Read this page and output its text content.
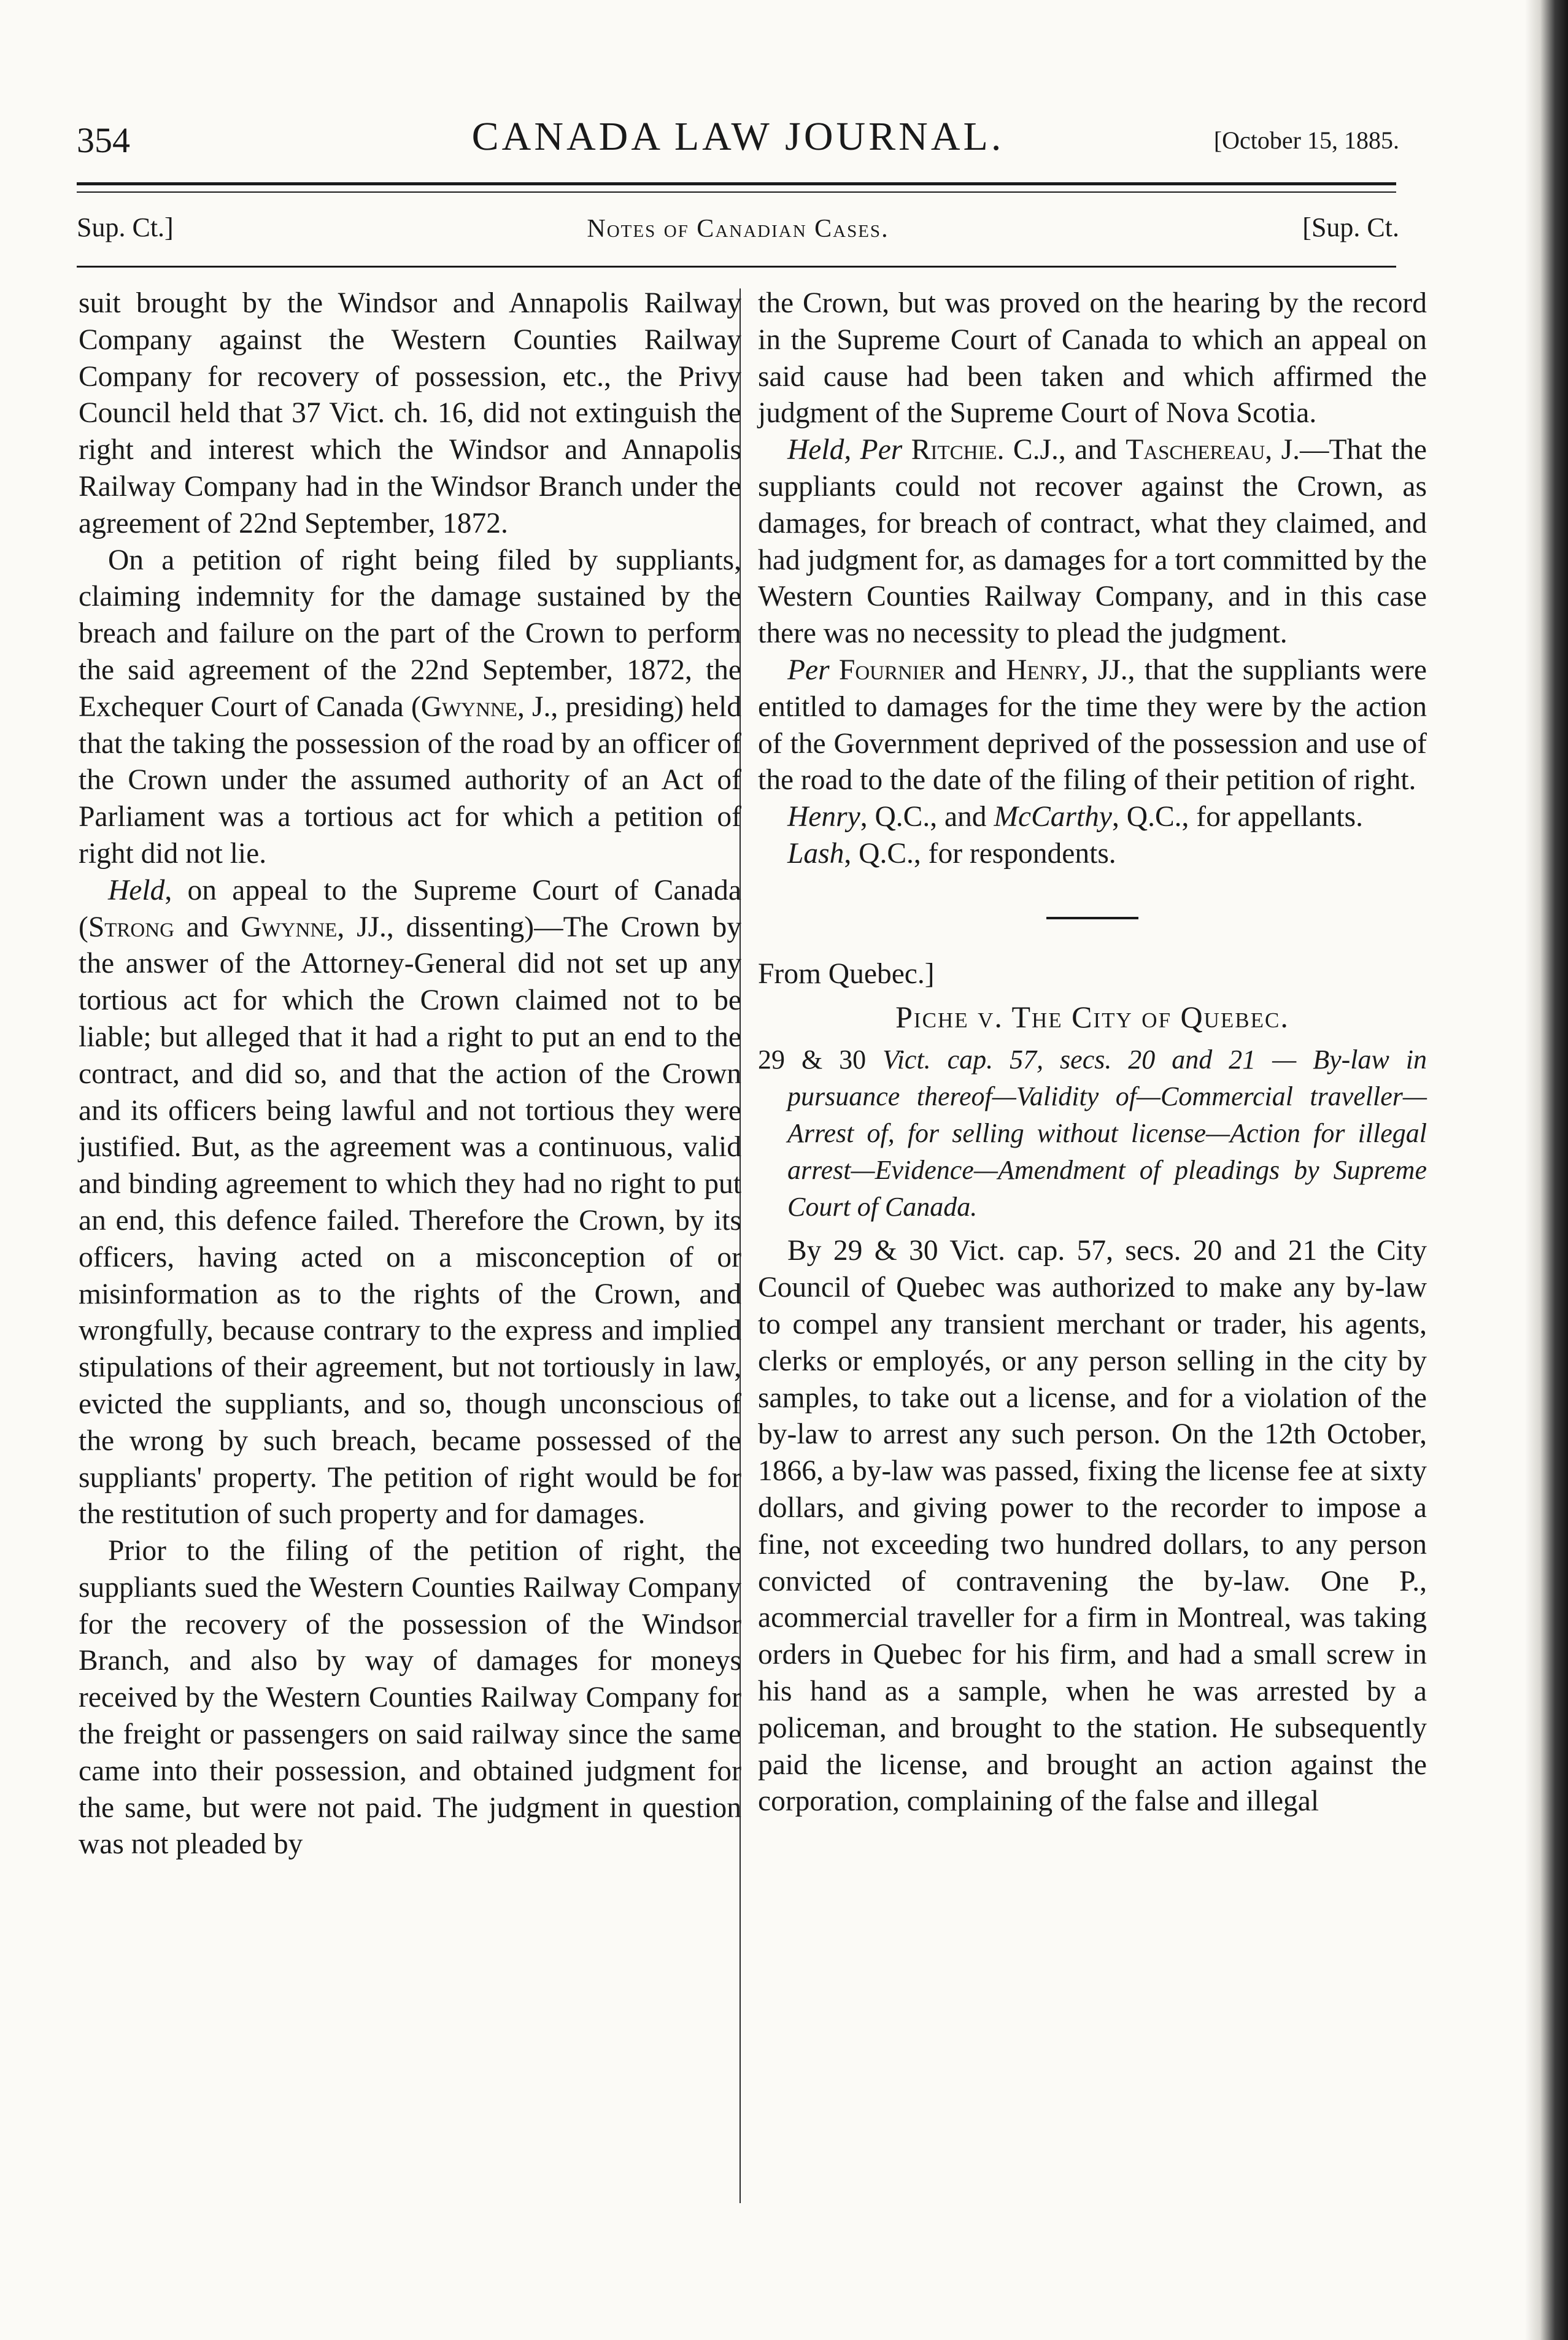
354	CANADA LAW JOURNAL.	[October 15, 1885.
Sup. Ct.]	Notes of Canadian Cases.	[Sup. Ct.

suit brought by the Windsor and Annapolis Railway Company against the Western Counties Railway Company for recovery of possession, etc., the Privy Council held that 37 Vict. ch. 16, did not extinguish the right and interest which the Windsor and Annapolis Railway Company had in the Windsor Branch under the agreement of 22nd September, 1872.

On a petition of right being filed by suppliants, claiming indemnity for the damage sustained by the breach and failure on the part of the Crown to perform the said agreement of the 22nd September, 1872, the Exchequer Court of Canada (Gwynne, J., presiding) held that the taking the possession of the road by an officer of the Crown under the assumed authority of an Act of Parliament was a tortious act for which a petition of right did not lie.

Held, on appeal to the Supreme Court of Canada (Strong and Gwynne, JJ., dissenting)—The Crown by the answer of the Attorney-General did not set up any tortious act for which the Crown claimed not to be liable; but alleged that it had a right to put an end to the contract, and did so, and that the action of the Crown and its officers being lawful and not tortious they were justified. But, as the agreement was a continuous, valid and binding agreement to which they had no right to put an end, this defence failed. Therefore the Crown, by its officers, having acted on a misconception of or misinformation as to the rights of the Crown, and wrongfully, because contrary to the express and implied stipulations of their agreement, but not tortiously in law, evicted the suppliants, and so, though unconscious of the wrong by such breach, became possessed of the suppliants' property. The petition of right would be for the restitution of such property and for damages.

Prior to the filing of the petition of right, the suppliants sued the Western Counties Railway Company for the recovery of the possession of the Windsor Branch, and also by way of damages for moneys received by the Western Counties Railway Company for the freight or passengers on said railway since the same came into their possession, and obtained judgment for the same, but were not paid. The judgment in question was not pleaded by

the Crown, but was proved on the hearing by the record in the Supreme Court of Canada to which an appeal on said cause had been taken and which affirmed the judgment of the Supreme Court of Nova Scotia.

Held, Per Ritchie. C.J., and Taschereau, J.—That the suppliants could not recover against the Crown, as damages, for breach of contract, what they claimed, and had judgment for, as damages for a tort committed by the Western Counties Railway Company, and in this case there was no necessity to plead the judgment.

Per Fournier and Henry, JJ., that the suppliants were entitled to damages for the time they were by the action of the Government deprived of the possession and use of the road to the date of the filing of their petition of right.

Henry, Q.C., and McCarthy, Q.C., for appellants.

Lash, Q.C., for respondents.

From Quebec.]

Piche v. The City of Quebec.

29 & 30 Vict. cap. 57, secs. 20 and 21 — By-law in pursuance thereof—Validity of—Commercial traveller—Arrest of, for selling without license—Action for illegal arrest—Evidence—Amendment of pleadings by Supreme Court of Canada.

By 29 & 30 Vict. cap. 57, secs. 20 and 21 the City Council of Quebec was authorized to make any by-law to compel any transient merchant or trader, his agents, clerks or employés, or any person selling in the city by samples, to take out a license, and for a violation of the by-law to arrest any such person. On the 12th October, 1866, a by-law was passed, fixing the license fee at sixty dollars, and giving power to the recorder to impose a fine, not exceeding two hundred dollars, to any person convicted of contravening the by-law. One P., acommercial traveller for a firm in Montreal, was taking orders in Quebec for his firm, and had a small screw in his hand as a sample, when he was arrested by a policeman, and brought to the station. He subsequently paid the license, and brought an action against the corporation, complaining of the false and illegal
